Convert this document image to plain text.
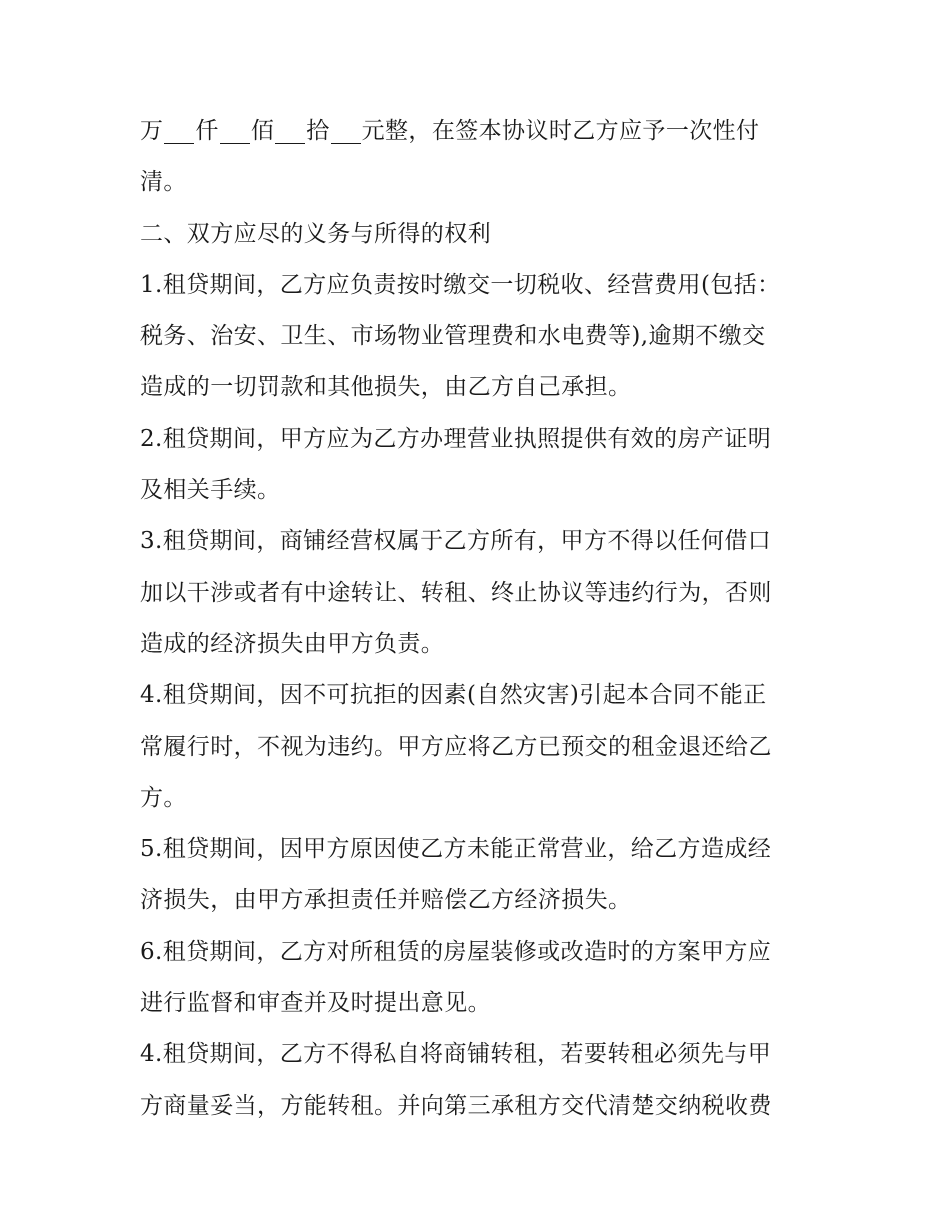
万 仟 佰 拾 元整，在签本协议时乙方应予一次性付
清。
二、双方应尽的义务与所得的权利
1.租贷期间，乙方应负责按时缴交一切税收、经营费用(包括：
税务、治安、卫生、市场物业管理费和水电费等),逾期不缴交
造成的一切罚款和其他损失，由乙方自己承担。
2.租贷期间，甲方应为乙方办理营业执照提供有效的房产证明
及相关手续。
3.租贷期间，商铺经营权属于乙方所有，甲方不得以任何借口
加以干涉或者有中途转让、转租、终止协议等违约行为，否则
造成的经济损失由甲方负责。
4.租贷期间，因不可抗拒的因素(自然灾害)引起本合同不能正
常履行时，不视为违约。甲方应将乙方已预交的租金退还给乙
方。
5.租贷期间，因甲方原因使乙方未能正常营业，给乙方造成经
济损失，由甲方承担责任并赔偿乙方经济损失。
6.租贷期间，乙方对所租赁的房屋装修或改造时的方案甲方应
进行监督和审查并及时提出意见。
4.租贷期间，乙方不得私自将商铺转租，若要转租必须先与甲
方商量妥当，方能转租。并向第三承租方交代清楚交纳税收费
